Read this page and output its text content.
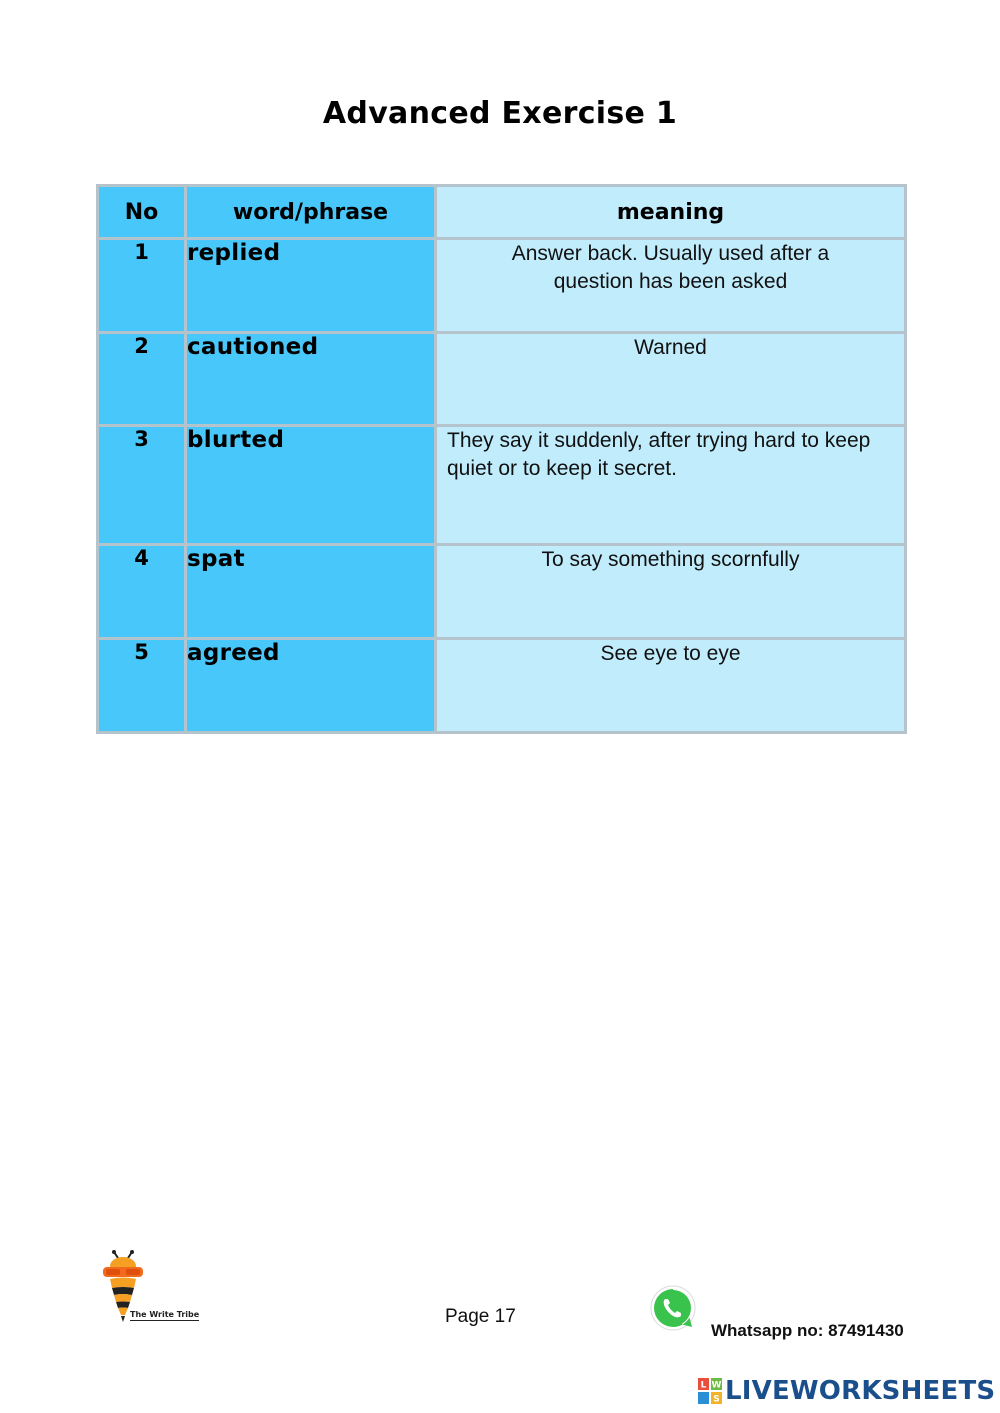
Advanced Exercise 1
No	word/phrase	meaning
1	replied	Answer back. Usually used after a question has been asked
2	cautioned	Warned
3	blurted	They say it suddenly, after trying hard to keep quiet or to keep it secret.
4	spat	To say something scornfully
5	agreed	See eye to eye
The Write Tribe	Page 17
Whatsapp no: 87491430
L W
S LIVEWORKSHEETS
